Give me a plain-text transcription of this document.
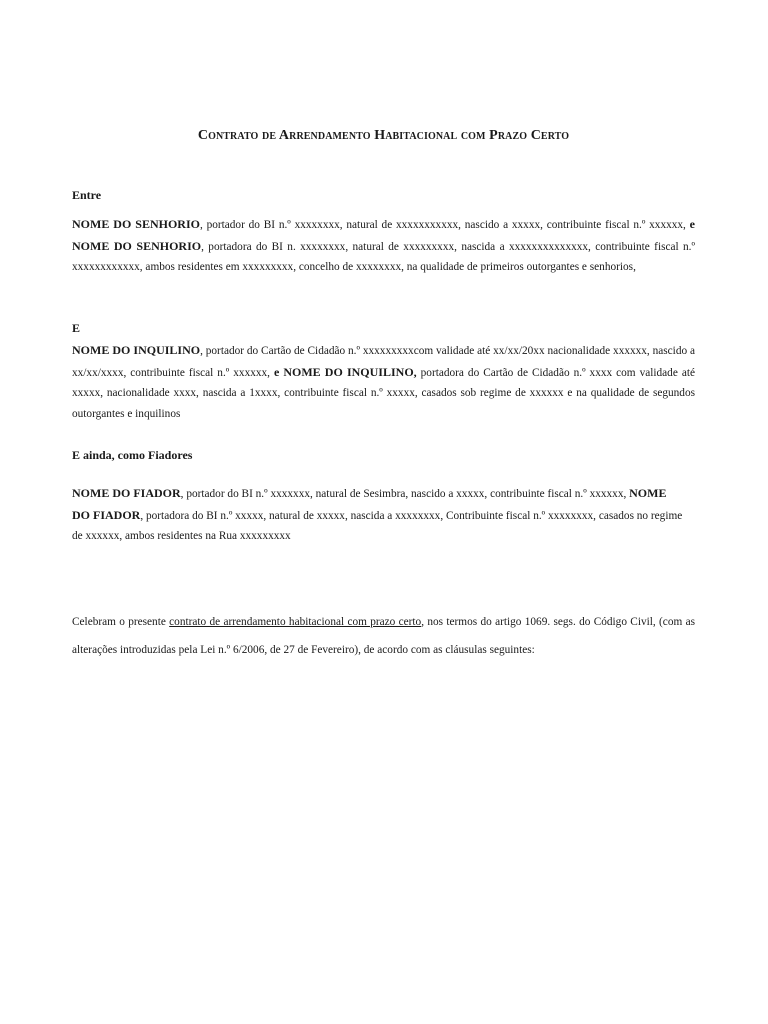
Contrato de Arrendamento Habitacional com Prazo Certo
Entre
NOME DO SENHORIO, portador do BI n.º xxxxxxxx, natural de xxxxxxxxxxx, nascido a xxxxx, contribuinte fiscal n.º xxxxxx, e NOME DO SENHORIO, portadora do BI n. xxxxxxxx, natural de xxxxxxxxx, nascida a xxxxxxxxxxxxxx, contribuinte fiscal n.º xxxxxxxxxxxx, ambos residentes em xxxxxxxxx, concelho de xxxxxxxx, na qualidade de primeiros outorgantes e senhorios,
E
NOME DO INQUILINO, portador do Cartão de Cidadão n.º xxxxxxxxxcom validade até xx/xx/20xx nacionalidade xxxxxx, nascido a xx/xx/xxxx, contribuinte fiscal n.º xxxxxx, e NOME DO INQUILINO, portadora do Cartão de Cidadão n.º xxxx com validade até xxxxx, nacionalidade xxxx, nascida a 1xxxx, contribuinte fiscal n.º xxxxx, casados sob regime de xxxxxx e na qualidade de segundos outorgantes e inquilinos
E ainda, como Fiadores
NOME DO FIADOR, portador do BI n.º xxxxxxx, natural de Sesimbra, nascido a xxxxx, contribuinte fiscal n.º xxxxxx, NOME DO FIADOR, portadora do BI n.º xxxxx, natural de xxxxx, nascida a xxxxxxxx, Contribuinte fiscal n.º xxxxxxxx, casados no regime de xxxxxx, ambos residentes na Rua xxxxxxxxx
Celebram o presente contrato de arrendamento habitacional com prazo certo, nos termos do artigo 1069. segs. do Código Civil, (com as alterações introduzidas pela Lei n.º 6/2006, de 27 de Fevereiro), de acordo com as cláusulas seguintes:
